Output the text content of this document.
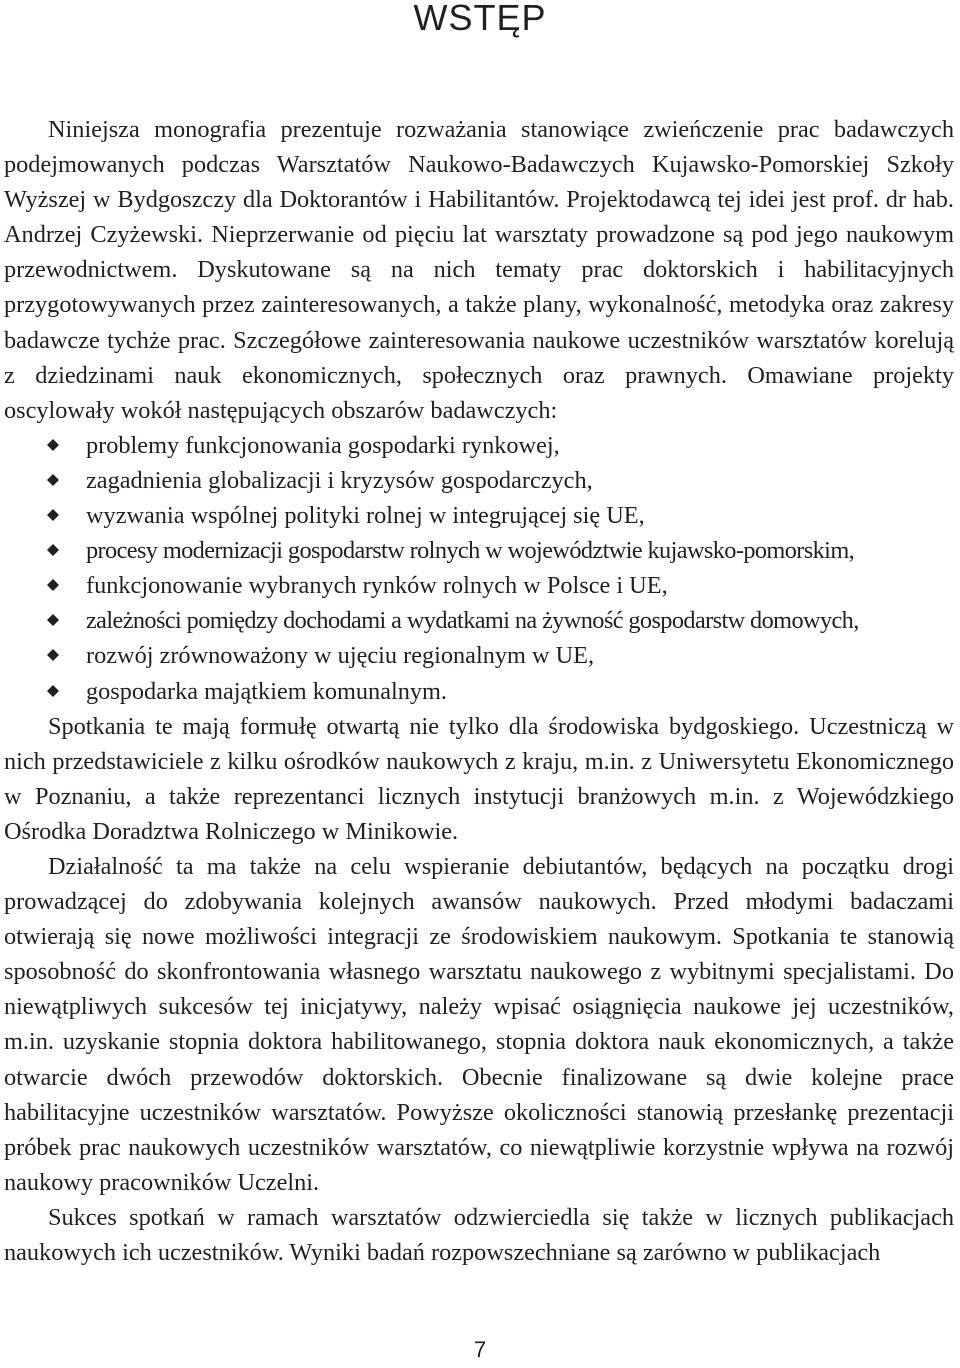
WSTĘP

Niniejsza monografia prezentuje rozważania stanowiące zwieńczenie prac badawczych podejmowanych podczas Warsztatów Naukowo-Badawczych Kujawsko-Pomorskiej Szkoły Wyższej w Bydgoszczy dla Doktorantów i Habilitantów. Projektodawcą tej idei jest prof. dr hab. Andrzej Czyżewski. Nieprzerwanie od pięciu lat warsztaty prowadzone są pod jego naukowym przewodnictwem. Dyskutowane są na nich tematy prac doktorskich i habilitacyjnych przygotowywanych przez zainteresowanych, a także plany, wykonalność, metodyka oraz zakresy badawcze tychże prac. Szczegółowe zainteresowania naukowe uczestników warsztatów korelują z dziedzinami nauk ekonomicznych, społecznych oraz prawnych. Omawiane projekty oscylowały wokół następujących obszarów badawczych:

problemy funkcjonowania gospodarki rynkowej,
zagadnienia globalizacji i kryzysów gospodarczych,
wyzwania wspólnej polityki rolnej w integrującej się UE,
procesy modernizacji gospodarstw rolnych w województwie kujawsko-pomorskim,
funkcjonowanie wybranych rynków rolnych w Polsce i UE,
zależności pomiędzy dochodami a wydatkami na żywność gospodarstw domowych,
rozwój zrównoważony w ujęciu regionalnym w UE,
gospodarka majątkiem komunalnym.

Spotkania te mają formułę otwartą nie tylko dla środowiska bydgoskiego. Uczestniczą w nich przedstawiciele z kilku ośrodków naukowych z kraju, m.in. z Uniwersytetu Ekonomicznego w Poznaniu, a także reprezentanci licznych instytucji branżowych m.in. z Wojewódzkiego Ośrodka Doradztwa Rolniczego w Minikowie.

Działalność ta ma także na celu wspieranie debiutantów, będących na początku drogi prowadzącej do zdobywania kolejnych awansów naukowych. Przed młodymi badaczami otwierają się nowe możliwości integracji ze środowiskiem naukowym. Spotkania te stanowią sposobność do skonfrontowania własnego warsztatu naukowego z wybitnymi specjalistami. Do niewątpliwych sukcesów tej inicjatywy, należy wpisać osiągnięcia naukowe jej uczestników, m.in. uzyskanie stopnia doktora habilitowanego, stopnia doktora nauk ekonomicznych, a także otwarcie dwóch przewodów doktorskich. Obecnie finalizowane są dwie kolejne prace habilitacyjne uczestników warsztatów. Powyższe okoliczności stanowią przesłankę prezentacji próbek prac naukowych uczestników warsztatów, co niewątpliwie korzystnie wpływa na rozwój naukowy pracowników Uczelni.

Sukces spotkań w ramach warsztatów odzwierciedla się także w licznych publikacjach naukowych ich uczestników. Wyniki badań rozpowszechniane są zarówno w publikacjach

7
